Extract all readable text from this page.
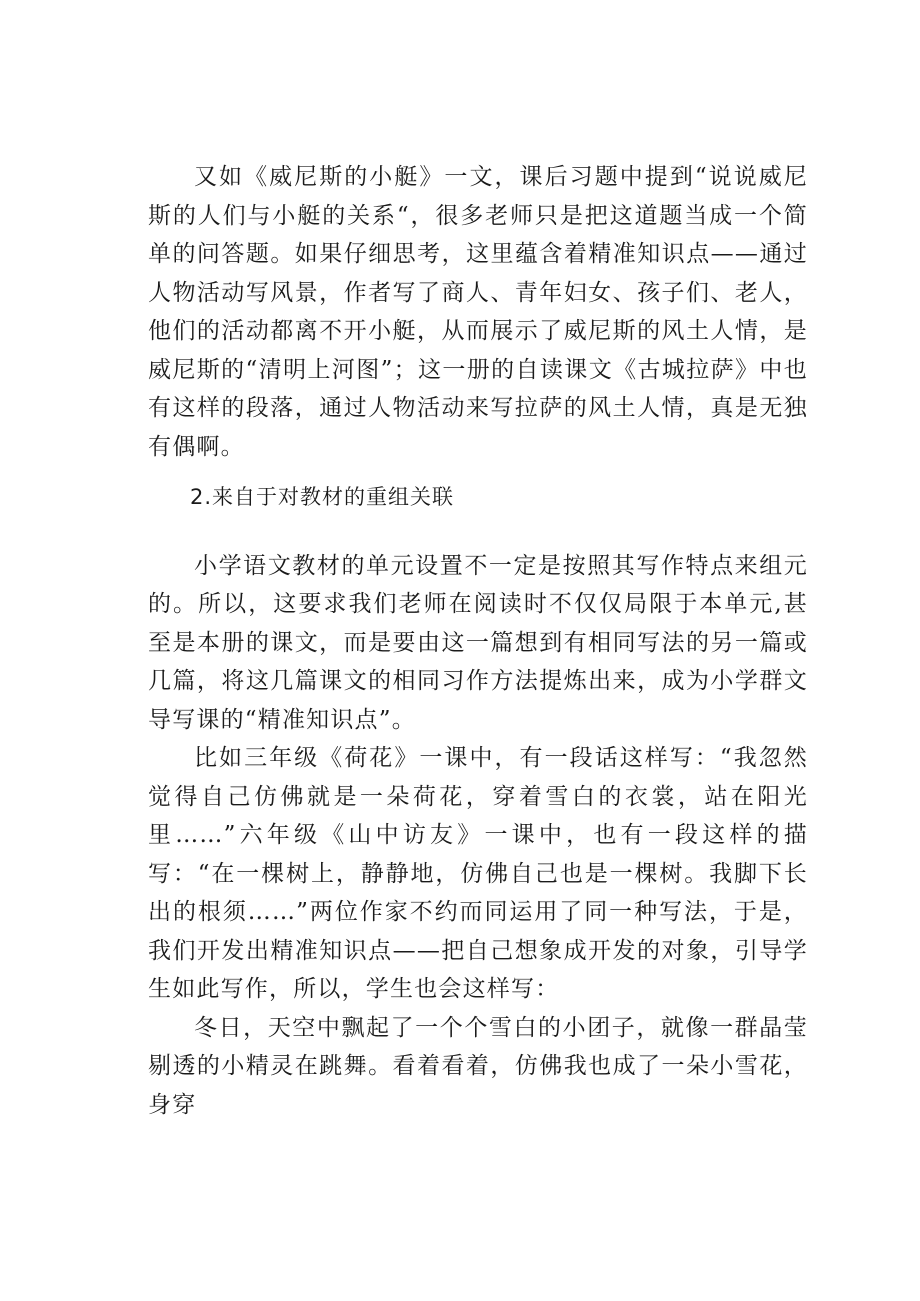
又如《威尼斯的小艇》一文，课后习题中提到“说说威尼斯的人们与小艇的关系“，很多老师只是把这道题当成一个简单的问答题。如果仔细思考，这里蕴含着精准知识点——通过人物活动写风景，作者写了商人、青年妇女、孩子们、老人，他们的活动都离不开小艇，从而展示了威尼斯的风土人情，是威尼斯的“清明上河图”；这一册的自读课文《古城拉萨》中也有这样的段落，通过人物活动来写拉萨的风土人情，真是无独有偶啊。

2.来自于对教材的重组关联

小学语文教材的单元设置不一定是按照其写作特点来组元的。所以，这要求我们老师在阅读时不仅仅局限于本单元,甚至是本册的课文，而是要由这一篇想到有相同写法的另一篇或几篇，将这几篇课文的相同习作方法提炼出来，成为小学群文导写课的“精准知识点”。

比如三年级《荷花》一课中，有一段话这样写：“我忽然觉得自己仿佛就是一朵荷花，穿着雪白的衣裳，站在阳光里……”六年级《山中访友》一课中，也有一段这样的描写：“在一棵树上，静静地，仿佛自己也是一棵树。我脚下长出的根须……”两位作家不约而同运用了同一种写法，于是，我们开发出精准知识点——把自己想象成开发的对象，引导学生如此写作，所以，学生也会这样写：

冬日，天空中飘起了一个个雪白的小团子，就像一群晶莹剔透的小精灵在跳舞。看着看着，仿佛我也成了一朵小雪花，身穿
